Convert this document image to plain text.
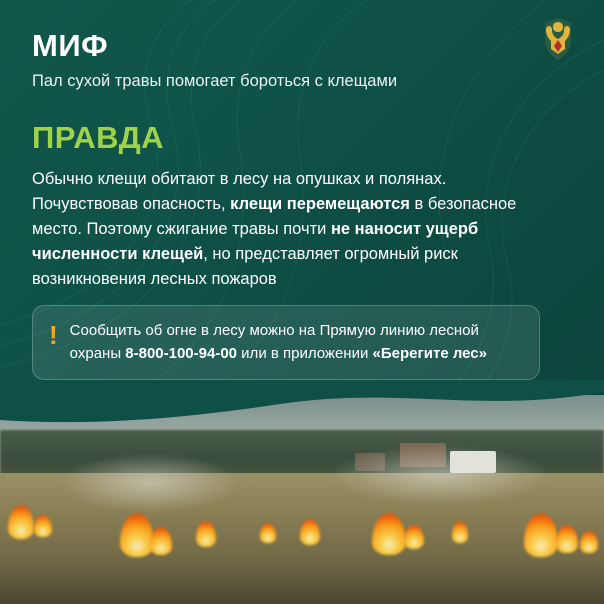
МИФ

Пал сухой травы помогает бороться с клещами

ПРАВДА

Обычно клещи обитают в лесу на опушках и полянах. Почувствовав опасность, клещи перемещаются в безопасное место. Поэтому сжигание травы почти не наносит ущерб численности клещей, но представляет огромный риск возникновения лесных пожаров

! Сообщить об огне в лесу можно на Прямую линию лесной охраны 8-800-100-94-00 или в приложении «Берегите лес»
